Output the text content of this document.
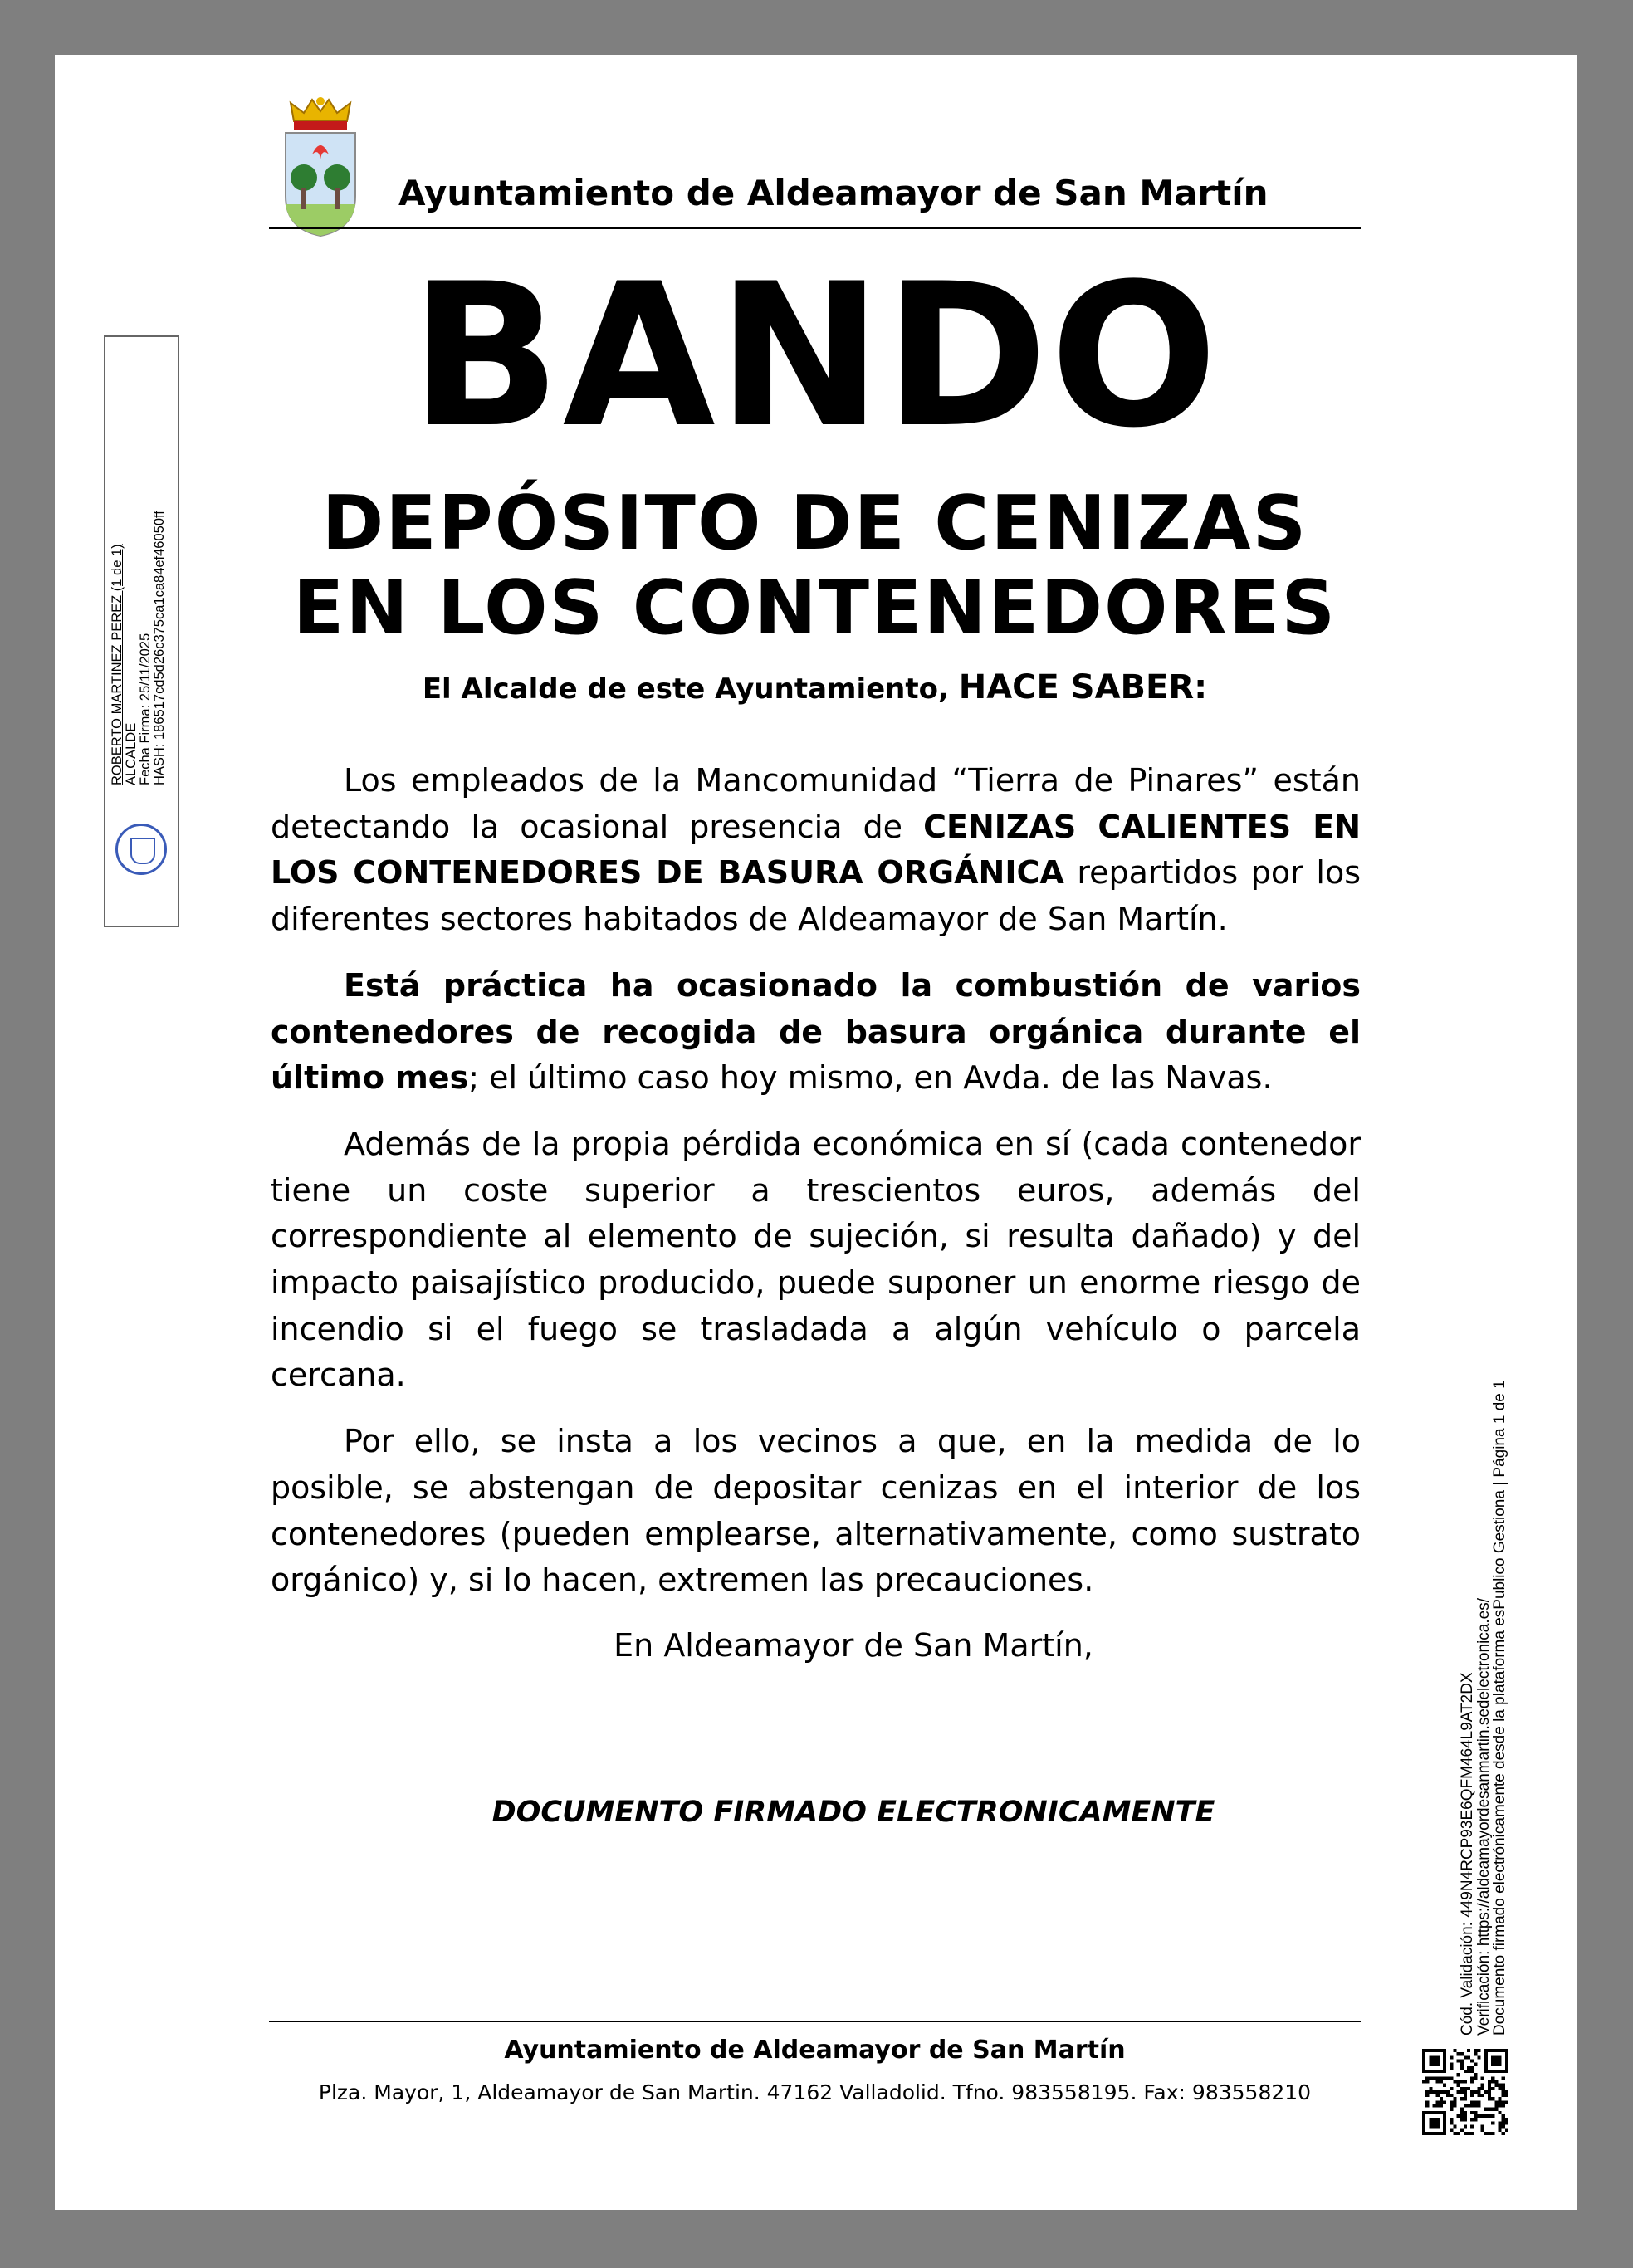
Ayuntamiento de Aldeamayor de San Martín
BANDO
DEPÓSITO DE CENIZAS
EN LOS CONTENEDORES
El Alcalde de este Ayuntamiento, HACE SABER:

Los empleados de la Mancomunidad “Tierra de Pinares” están detectando la ocasional presencia de CENIZAS CALIENTES EN LOS CONTENEDORES DE BASURA ORGÁNICA repartidos por los diferentes sectores habitados de Aldeamayor de San Martín.

Está práctica ha ocasionado la combustión de varios contenedores de recogida de basura orgánica durante el último mes; el último caso hoy mismo, en Avda. de las Navas.

Además de la propia pérdida económica en sí (cada contenedor tiene un coste superior a trescientos euros, además del correspondiente al elemento de sujeción, si resulta dañado) y del impacto paisajístico producido, puede suponer un enorme riesgo de incendio si el fuego se trasladada a algún vehículo o parcela cercana.

Por ello, se insta a los vecinos a que, en la medida de lo posible, se abstengan de depositar cenizas en el interior de los contenedores (pueden emplearse, alternativamente, como sustrato orgánico) y, si lo hacen, extremen las precauciones.

En Aldeamayor de San Martín,
DOCUMENTO FIRMADO ELECTRONICAMENTE
Ayuntamiento de Aldeamayor de San Martín
Plza. Mayor, 1, Aldeamayor de San Martin. 47162 Valladolid. Tfno. 983558195. Fax: 983558210
ROBERTO MARTINEZ PEREZ (1 de 1) ALCALDE Fecha Firma: 25/11/2025 HASH: 186517cd5d26c375ca1ca84ef46050ff
Cód. Validación: 449N4RCP93E6QFM464L9AT2DX
Verificación: https://aldeamayordesanmartin.sedelectronica.es/
Documento firmado electrónicamente desde la plataforma esPublico Gestiona | Página 1 de 1
